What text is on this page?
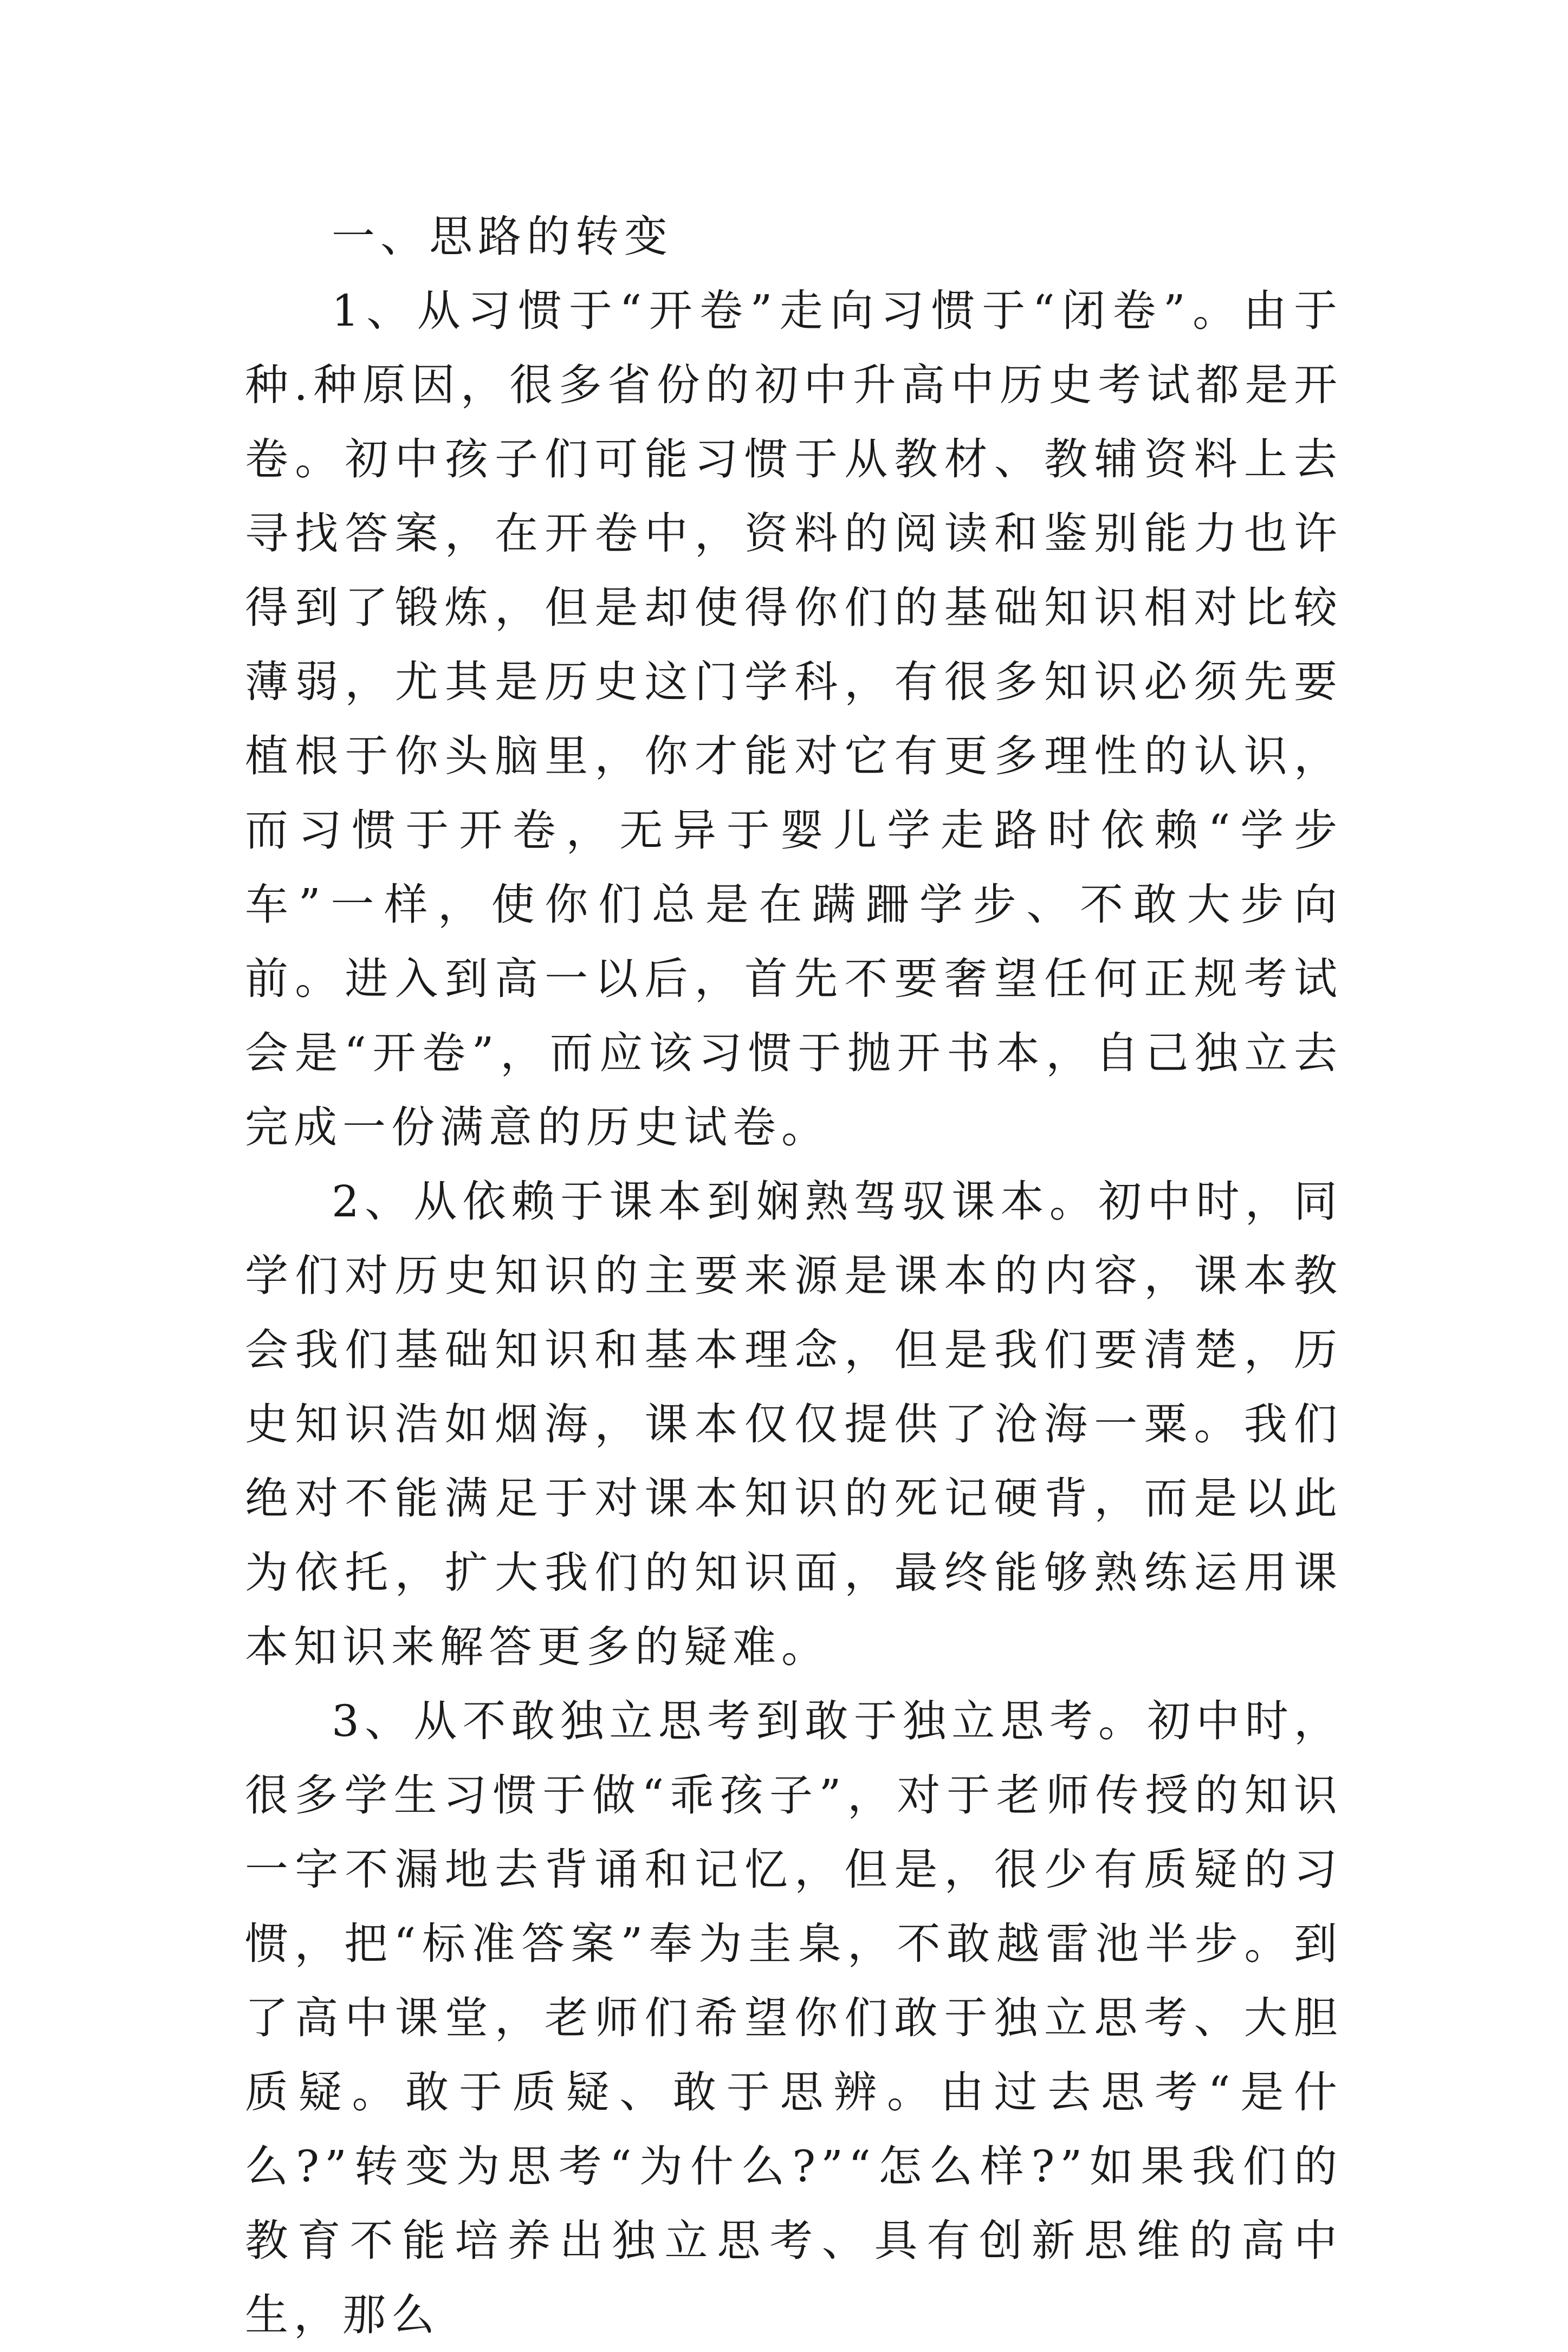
一、思路的转变

1、从习惯于“开卷”走向习惯于“闭卷”。由于种.种原因，很多省份的初中升高中历史考试都是开卷。初中孩子们可能习惯于从教材、教辅资料上去寻找答案，在开卷中，资料的阅读和鉴别能力也许得到了锻炼，但是却使得你们的基础知识相对比较薄弱，尤其是历史这门学科，有很多知识必须先要植根于你头脑里，你才能对它有更多理性的认识，而习惯于开卷，无异于婴儿学走路时依赖“学步车”一样，使你们总是在蹒跚学步、不敢大步向前。进入到高一以后，首先不要奢望任何正规考试会是“开卷”，而应该习惯于抛开书本，自己独立去完成一份满意的历史试卷。

2、从依赖于课本到娴熟驾驭课本。初中时，同学们对历史知识的主要来源是课本的内容，课本教会我们基础知识和基本理念，但是我们要清楚，历史知识浩如烟海，课本仅仅提供了沧海一粟。我们绝对不能满足于对课本知识的死记硬背，而是以此为依托，扩大我们的知识面，最终能够熟练运用课本知识来解答更多的疑难。

3、从不敢独立思考到敢于独立思考。初中时，很多学生习惯于做“乖孩子”，对于老师传授的知识一字不漏地去背诵和记忆，但是，很少有质疑的习惯，把“标准答案”奉为圭臬，不敢越雷池半步。到了高中课堂，老师们希望你们敢于独立思考、大胆质疑。敢于质疑、敢于思辨。由过去思考“是什么?”转变为思考“为什么?”“怎么样?”如果我们的教育不能培养出独立思考、具有创新思维的高中生，那么
